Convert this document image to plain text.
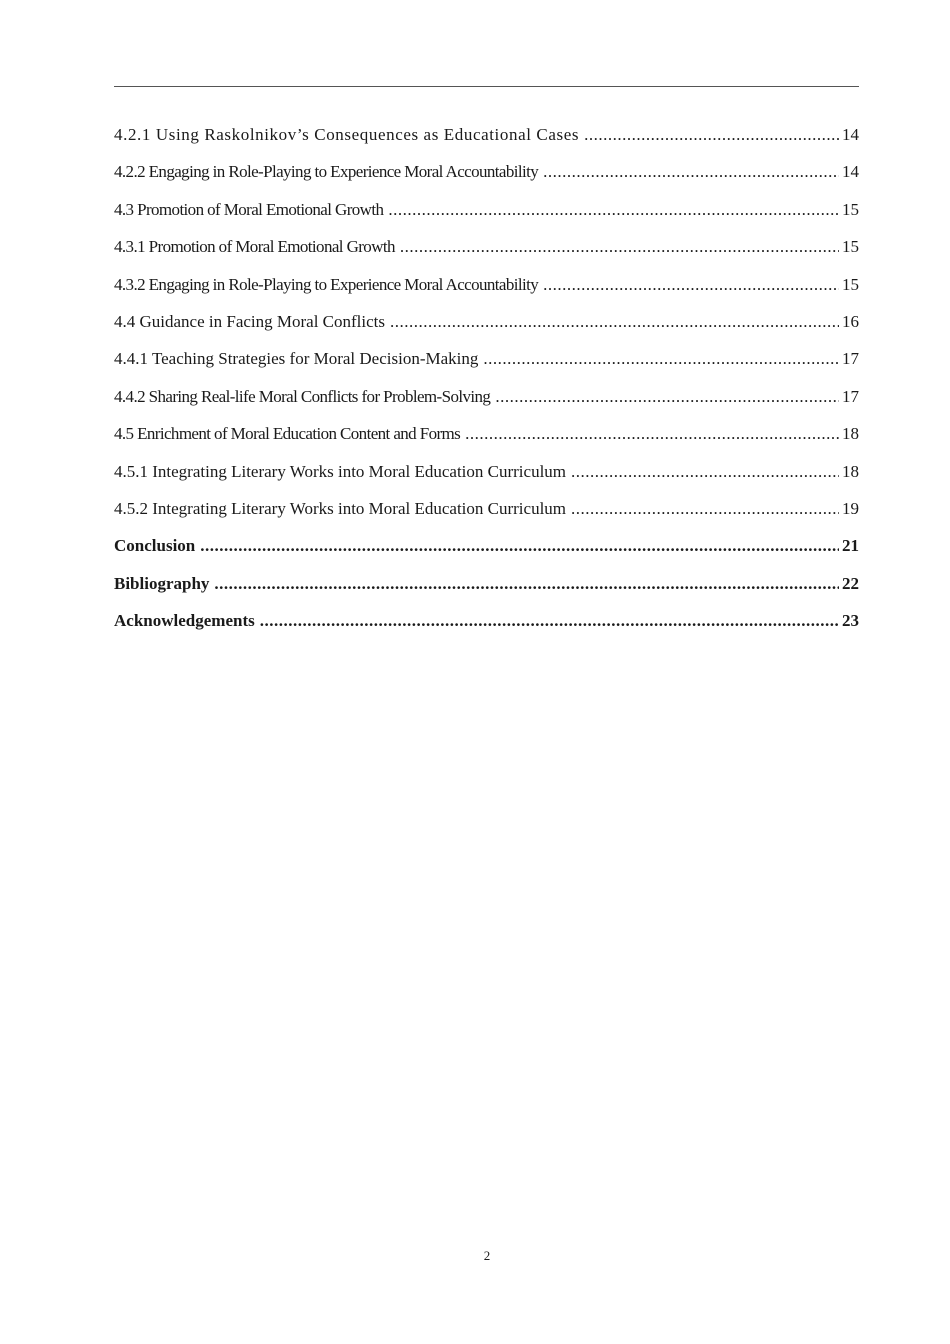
4.2.1 Using Raskolnikov’s Consequences as Educational Cases .....	14
4.2.2 Engaging in Role-Playing to Experience Moral Accountability .....	14
4.3 Promotion of Moral Emotional Growth .....	15
4.3.1 Promotion of Moral Emotional Growth .....	15
4.3.2 Engaging in Role-Playing to Experience Moral Accountability .....	15
4.4 Guidance in Facing Moral Conflicts .....	16
4.4.1 Teaching Strategies for Moral Decision-Making .....	17
4.4.2 Sharing Real-life Moral Conflicts for Problem-Solving .....	17
4.5 Enrichment of Moral Education Content and Forms .....	18
4.5.1 Integrating Literary Works into Moral Education Curriculum .....	18
4.5.2 Integrating Literary Works into Moral Education Curriculum .....	19
Conclusion .....	21
Bibliography .....	22
Acknowledgements .....	23
2
